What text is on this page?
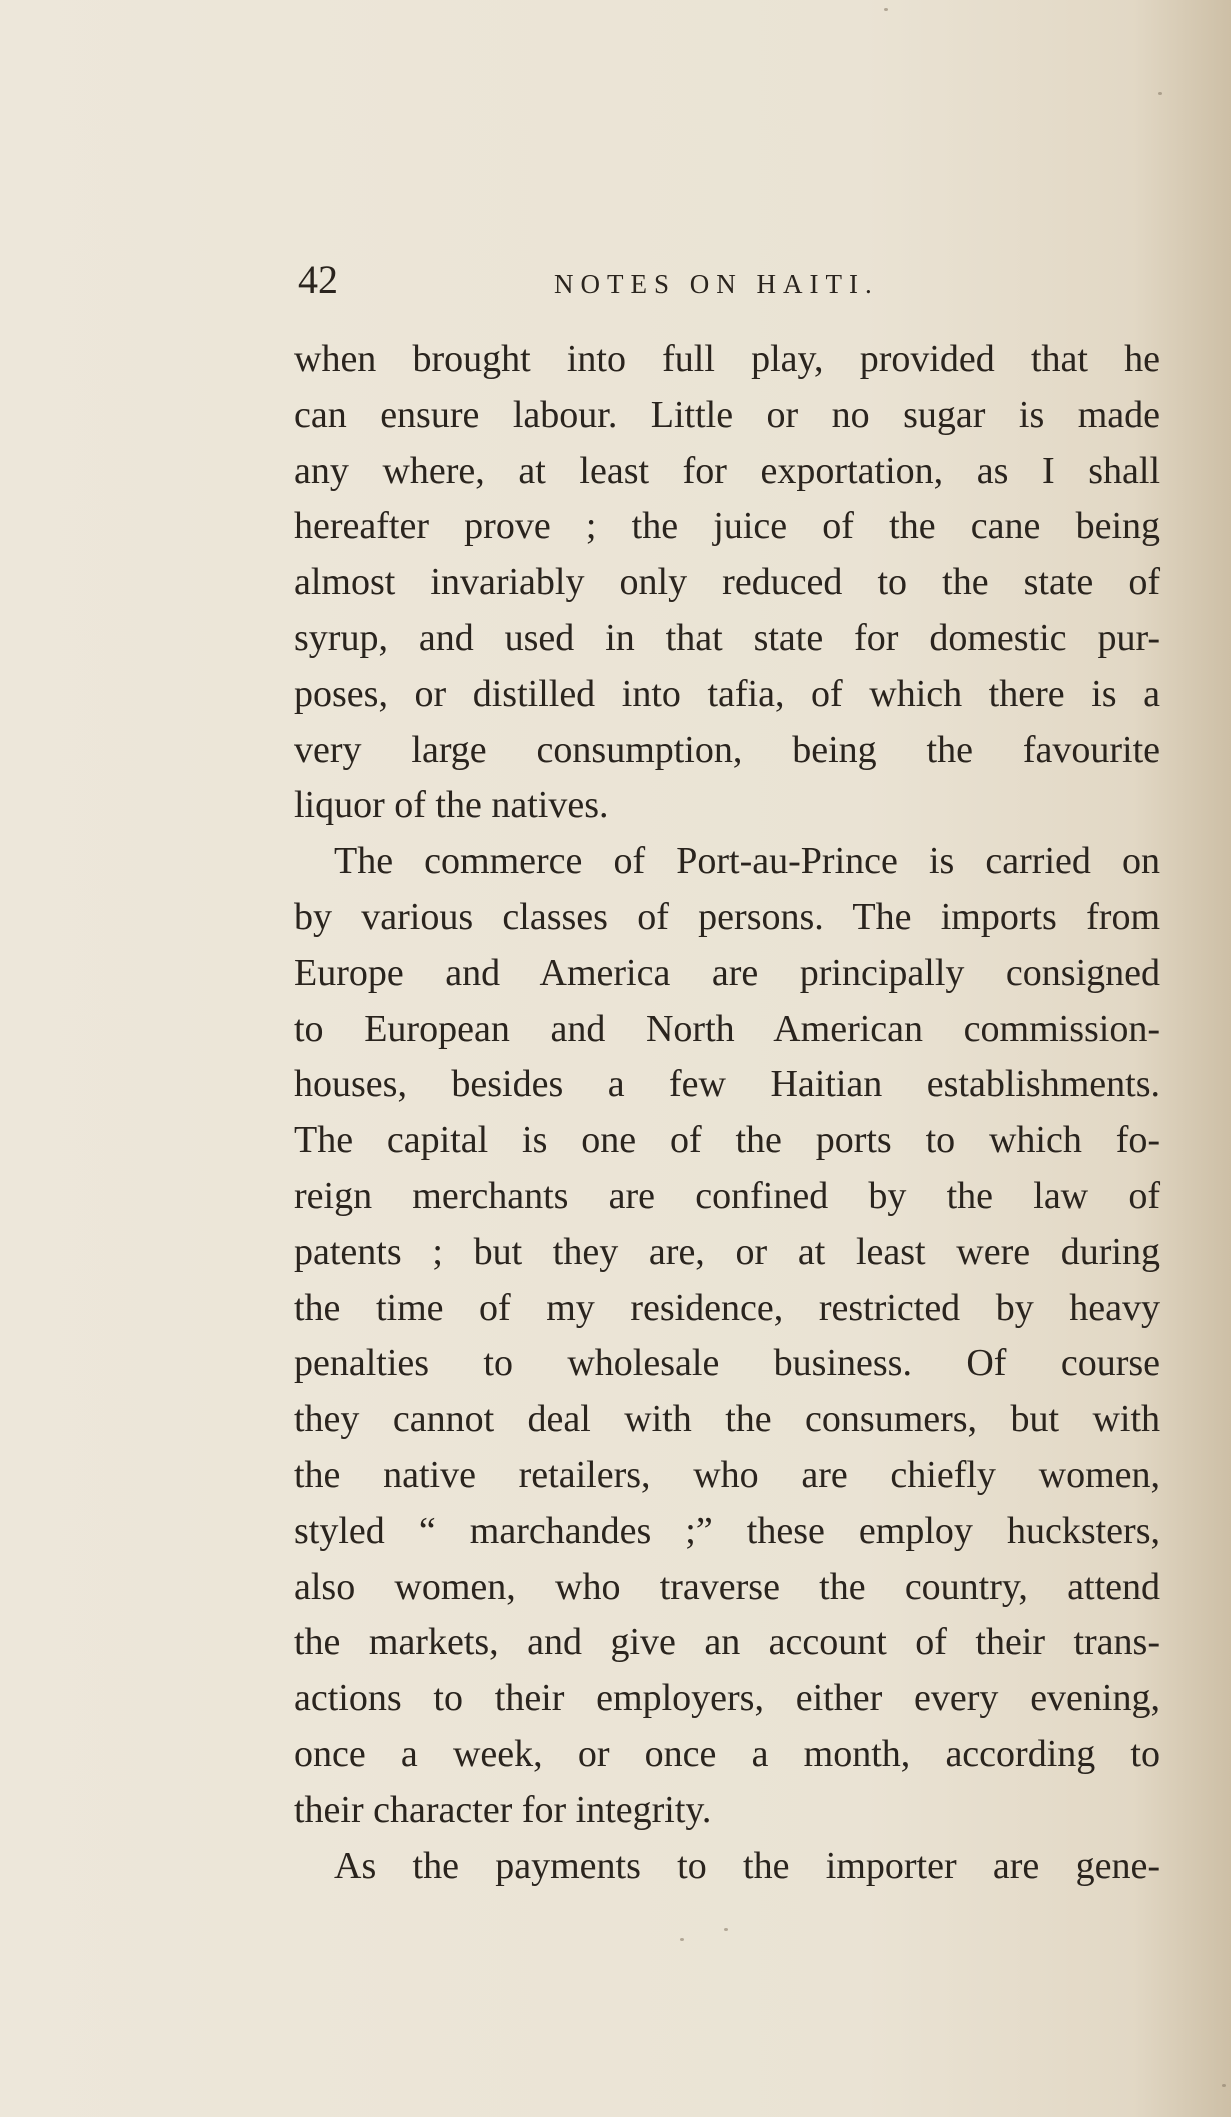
42	NOTES ON HAITI.
when brought into full play, provided that he
can ensure labour. Little or no sugar is made
any where, at least for exportation, as I shall
hereafter prove ; the juice of the cane being
almost invariably only reduced to the state of
syrup, and used in that state for domestic pur-
poses, or distilled into tafia, of which there is a
very large consumption, being the favourite
liquor of the natives.
The commerce of Port-au-Prince is carried on
by various classes of persons. The imports from
Europe and America are principally consigned
to European and North American commission-
houses, besides a few Haitian establishments.
The capital is one of the ports to which fo-
reign merchants are confined by the law of
patents ; but they are, or at least were during
the time of my residence, restricted by heavy
penalties to wholesale business. Of course
they cannot deal with the consumers, but with
the native retailers, who are chiefly women,
styled “ marchandes ;” these employ hucksters,
also women, who traverse the country, attend
the markets, and give an account of their trans-
actions to their employers, either every evening,
once a week, or once a month, according to
their character for integrity.
As the payments to the importer are gene-
